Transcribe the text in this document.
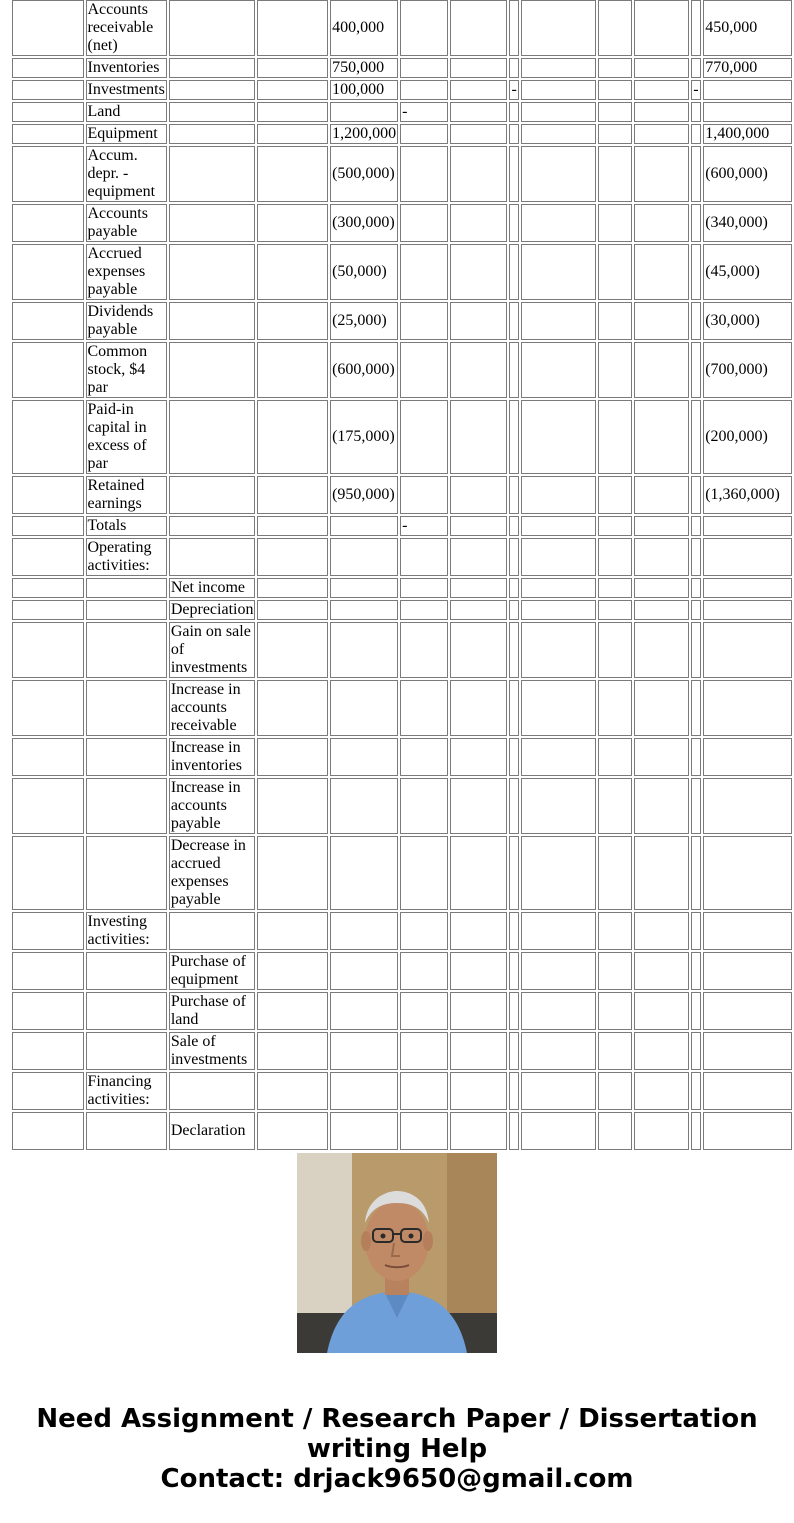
	Accounts receivable (net)			400,000								450,000
	Inventories			750,000								770,000
	Investments			100,000			-				-	
	Land				-							
	Equipment			1,200,000								1,400,000
	Accum. depr. - equipment			(500,000)								(600,000)
	Accounts payable			(300,000)								(340,000)
	Accrued expenses payable			(50,000)								(45,000)
	Dividends payable			(25,000)								(30,000)
	Common stock, $4 par			(600,000)								(700,000)
	Paid-in capital in excess of par			(175,000)								(200,000)
	Retained earnings			(950,000)								(1,360,000)
	Totals				-							
	Operating activities:											
		Net income										
		Depreciation										
		Gain on sale of investments										
		Increase in accounts receivable										
		Increase in inventories										
		Increase in accounts payable										
		Decrease in accrued expenses payable										
	Investing activities:											
		Purchase of equipment										
		Purchase of land										
		Sale of investments										
	Financing activities:											
		Declaration										
Need Assignment / Research Paper / Dissertation
writing Help
Contact: drjack9650@gmail.com
